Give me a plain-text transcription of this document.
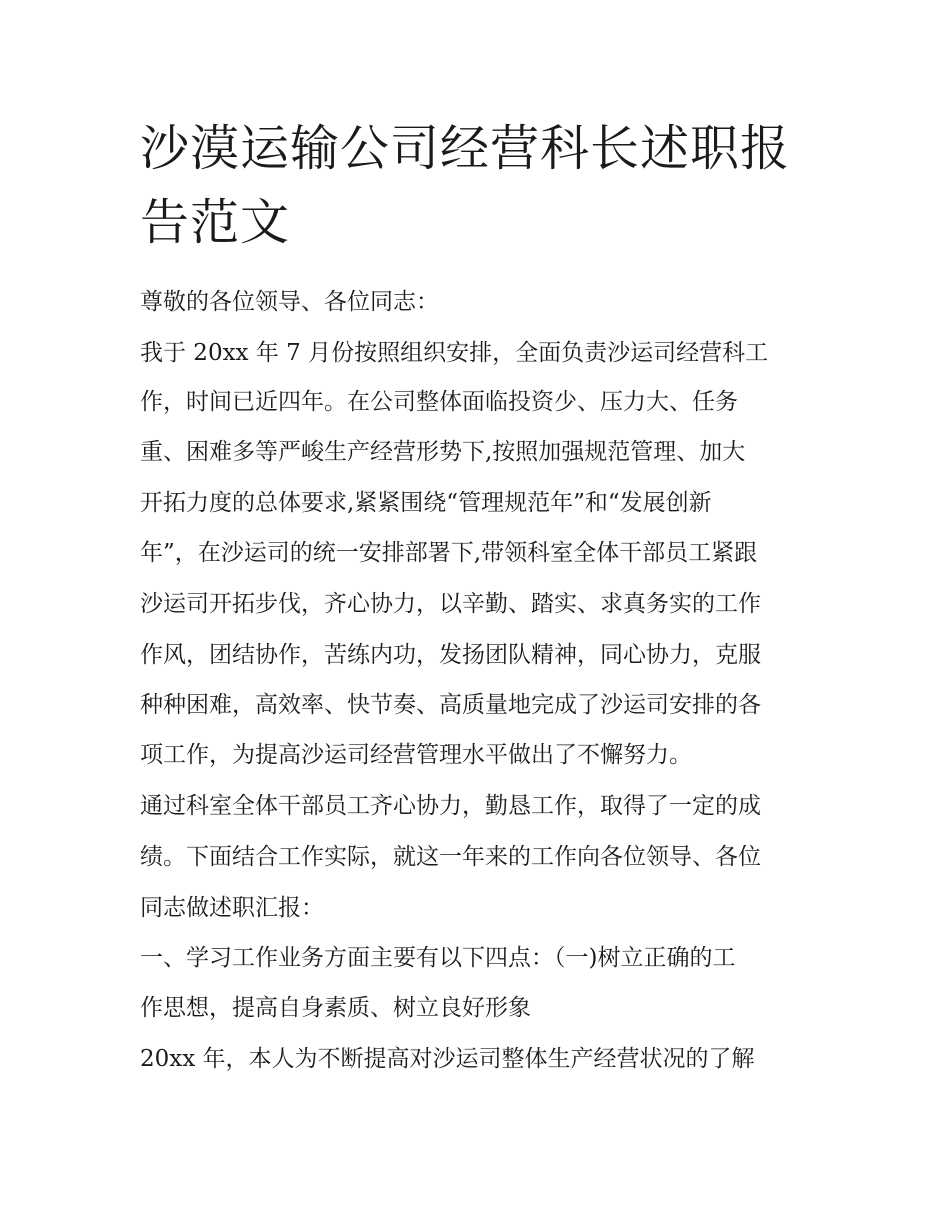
沙漠运输公司经营科长述职报
告范文

尊敬的各位领导、各位同志：

我于 20xx 年 7 月份按照组织安排，全面负责沙运司经营科工

作，时间已近四年。在公司整体面临投资少、压力大、任务

重、困难多等严峻生产经营形势下,按照加强规范管理、加大

开拓力度的总体要求,紧紧围绕“管理规范年”和“发展创新

年”，在沙运司的统一安排部署下,带领科室全体干部员工紧跟

沙运司开拓步伐，齐心协力，以辛勤、踏实、求真务实的工作

作风，团结协作，苦练内功，发扬团队精神，同心协力，克服

种种困难，高效率、快节奏、高质量地完成了沙运司安排的各

项工作，为提高沙运司经营管理水平做出了不懈努力。

通过科室全体干部员工齐心协力，勤恳工作，取得了一定的成

绩。下面结合工作实际，就这一年来的工作向各位领导、各位

同志做述职汇报：

一、学习工作业务方面主要有以下四点：（一)树立正确的工

作思想，提高自身素质、树立良好形象

20xx 年，本人为不断提高对沙运司整体生产经营状况的了解
